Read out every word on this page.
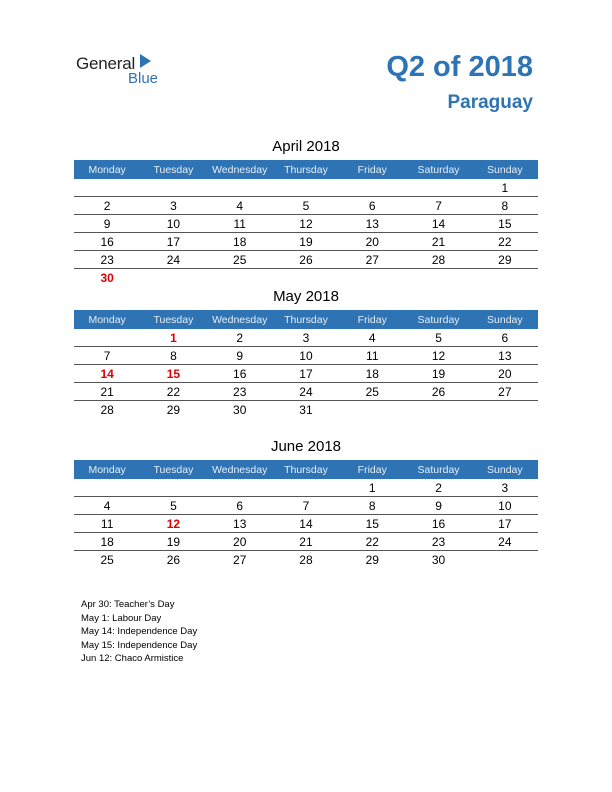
General
Blue	Q2 of 2018
Paraguay
April 2018
Monday	Tuesday	Wednesday	Thursday	Friday	Saturday	Sunday
						1
2	3	4	5	6	7	8
9	10	11	12	13	14	15
16	17	18	19	20	21	22
23	24	25	26	27	28	29
30						
May 2018
Monday	Tuesday	Wednesday	Thursday	Friday	Saturday	Sunday
	1	2	3	4	5	6
7	8	9	10	11	12	13
14	15	16	17	18	19	20
21	22	23	24	25	26	27
28	29	30	31			
June 2018
Monday	Tuesday	Wednesday	Thursday	Friday	Saturday	Sunday
				1	2	3
4	5	6	7	8	9	10
11	12	13	14	15	16	17
18	19	20	21	22	23	24
25	26	27	28	29	30	
Apr 30: Teacher’s Day
May 1: Labour Day
May 14: Independence Day
May 15: Independence Day
Jun 12: Chaco Armistice
